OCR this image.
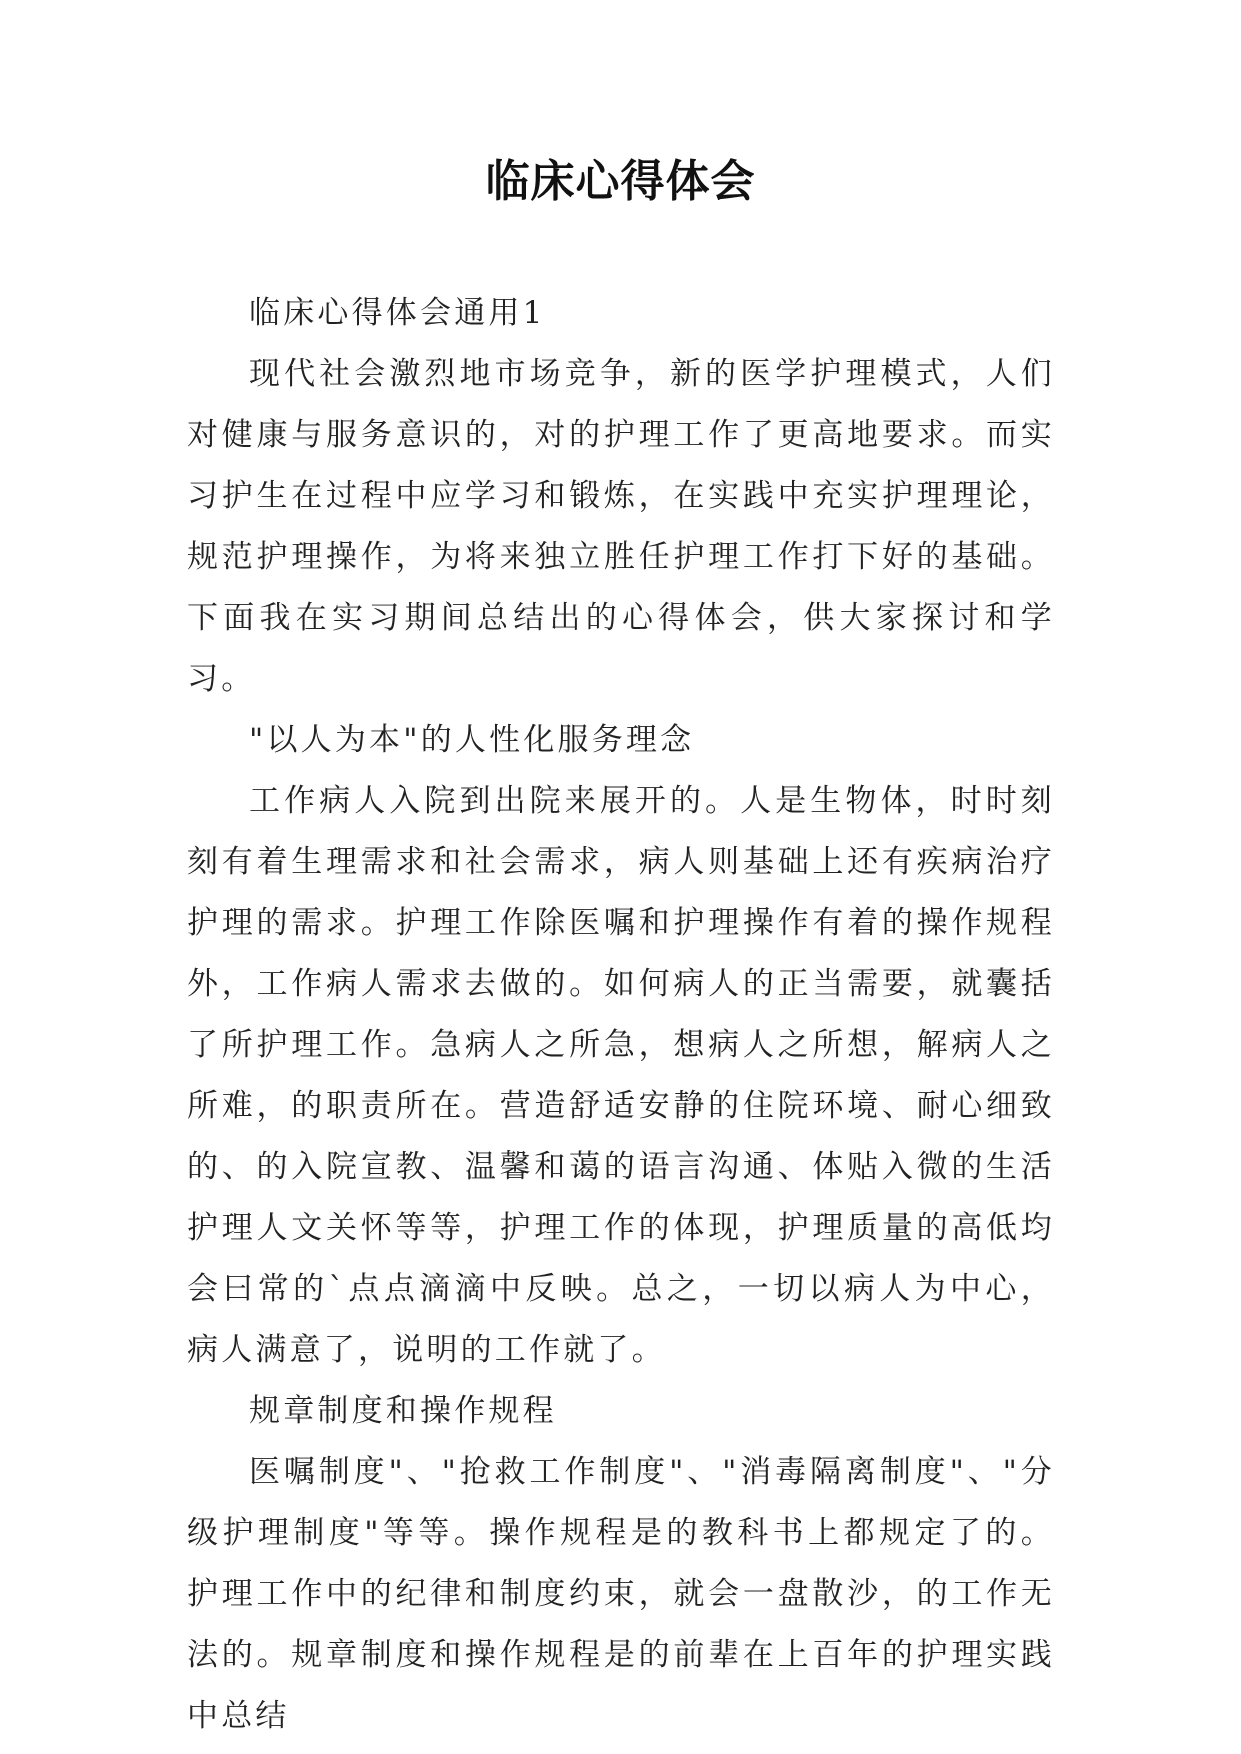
临床心得体会

临床心得体会通用1

现代社会激烈地市场竞争，新的医学护理模式，人们对健康与服务意识的，对的护理工作了更高地要求。而实习护生在过程中应学习和锻炼，在实践中充实护理理论，规范护理操作，为将来独立胜任护理工作打下好的基础。下面我在实习期间总结出的心得体会，供大家探讨和学习。

"以人为本"的人性化服务理念

工作病人入院到出院来展开的。人是生物体，时时刻刻有着生理需求和社会需求，病人则基础上还有疾病治疗护理的需求。护理工作除医嘱和护理操作有着的操作规程外，工作病人需求去做的。如何病人的正当需要，就囊括了所护理工作。急病人之所急，想病人之所想，解病人之所难，的职责所在。营造舒适安静的住院环境、耐心细致的、的入院宣教、温馨和蔼的语言沟通、体贴入微的生活护理人文关怀等等，护理工作的体现，护理质量的高低均会曰常的`点点滴滴中反映。总之，一切以病人为中心，病人满意了，说明的工作就了。

规章制度和操作规程

医嘱制度"、"抢救工作制度"、"消毒隔离制度"、"分级护理制度"等等。操作规程是的教科书上都规定了的。护理工作中的纪律和制度约束，就会一盘散沙，的工作无法的。规章制度和操作规程是的前辈在上百年的护理实践中总结
